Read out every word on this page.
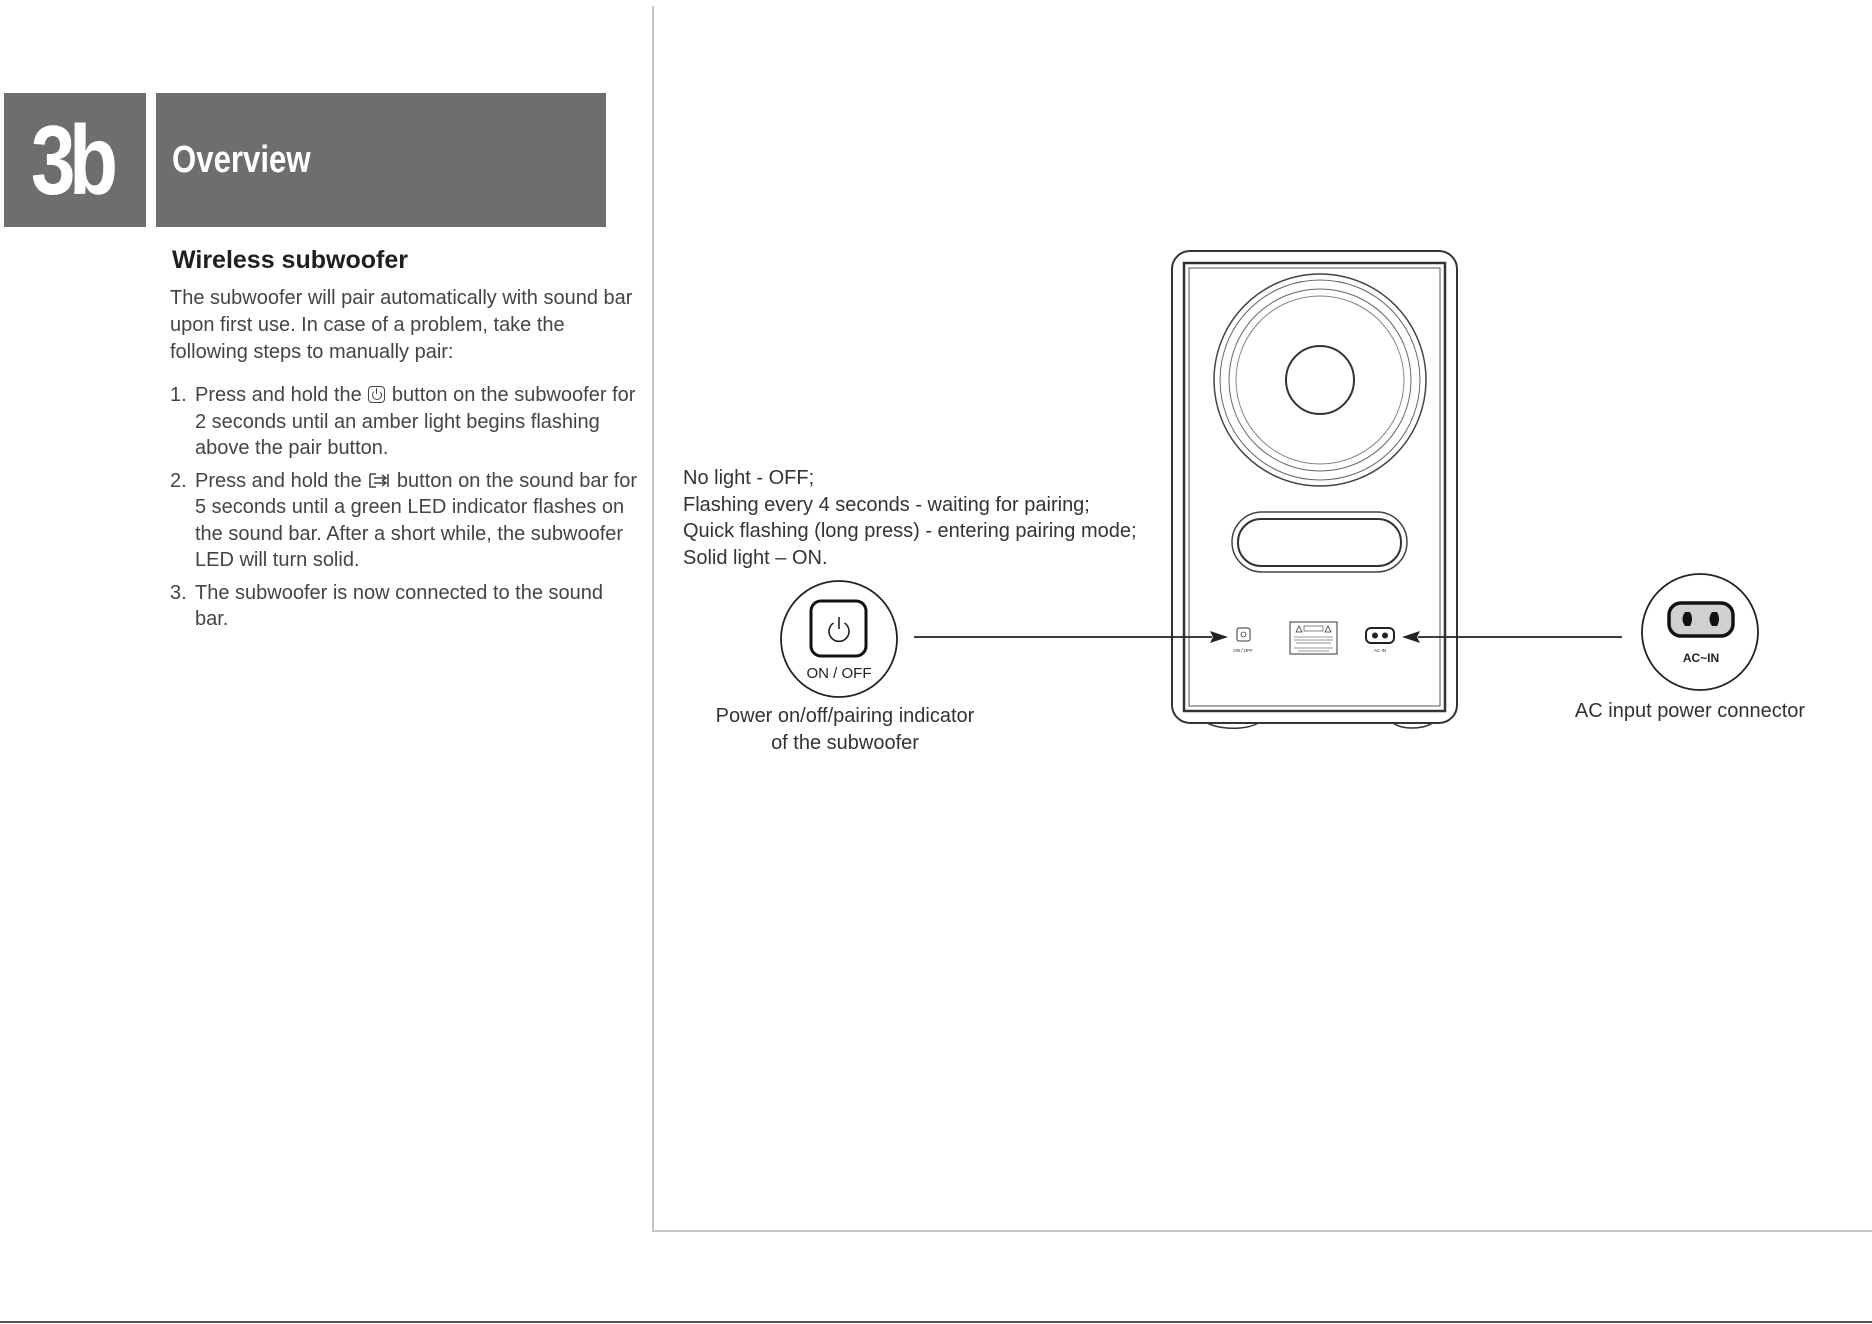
3b Overview
Wireless subwoofer

The subwoofer will pair automatically with sound bar upon first use. In case of a problem, take the following steps to manually pair:

1. Press and hold the button on the subwoofer for 2 seconds until an amber light begins flashing above the pair button.
2. Press and hold the button on the sound bar for 5 seconds until a green LED indicator flashes on the sound bar. After a short while, the subwoofer LED will turn solid.
3. The subwoofer is now connected to the sound bar.
ON / OFF	AC IN
ON / OFF
AC~IN
No light - OFF;
Flashing every 4 seconds - waiting for pairing;
Quick flashing (long press) - entering pairing mode;
Solid light – ON.
Power on/off/pairing indicator
of the subwoofer
AC input power connector
